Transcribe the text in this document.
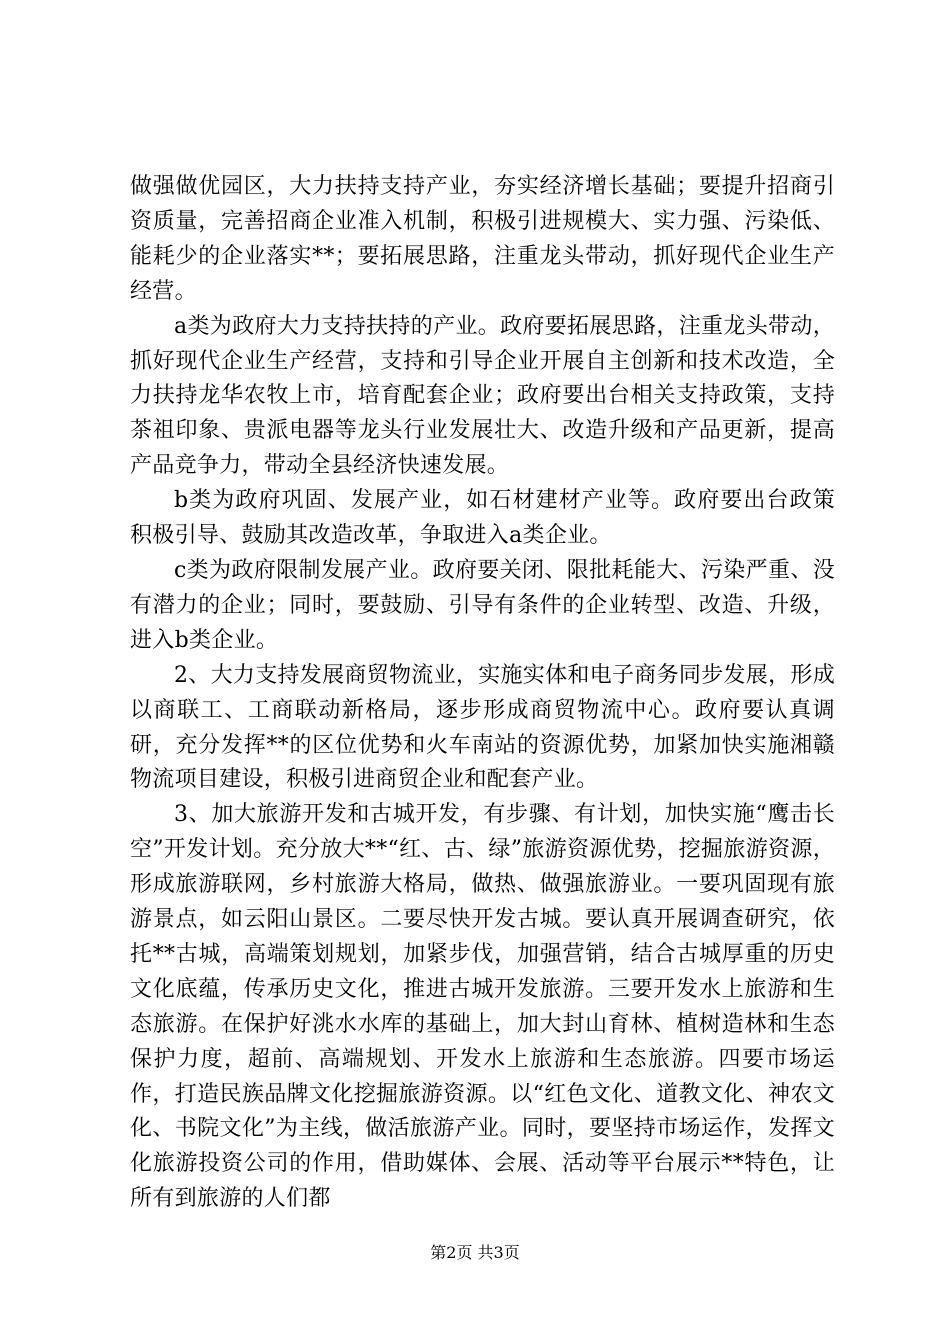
做强做优园区，大力扶持支持产业，夯实经济增长基础；要提升招商引资质量，完善招商企业准入机制，积极引进规模大、实力强、污染低、能耗少的企业落实**；要拓展思路，注重龙头带动，抓好现代企业生产经营。

a类为政府大力支持扶持的产业。政府要拓展思路，注重龙头带动，抓好现代企业生产经营，支持和引导企业开展自主创新和技术改造，全力扶持龙华农牧上市，培育配套企业；政府要出台相关支持政策，支持茶祖印象、贵派电器等龙头行业发展壮大、改造升级和产品更新，提高产品竞争力，带动全县经济快速发展。

b类为政府巩固、发展产业，如石材建材产业等。政府要出台政策积极引导、鼓励其改造改革，争取进入a类企业。

c类为政府限制发展产业。政府要关闭、限批耗能大、污染严重、没有潜力的企业；同时，要鼓励、引导有条件的企业转型、改造、升级，进入b类企业。

2、大力支持发展商贸物流业，实施实体和电子商务同步发展，形成以商联工、工商联动新格局，逐步形成商贸物流中心。政府要认真调研，充分发挥**的区位优势和火车南站的资源优势，加紧加快实施湘赣物流项目建设，积极引进商贸企业和配套产业。

3、加大旅游开发和古城开发，有步骤、有计划，加快实施“鹰击长空”开发计划。充分放大**“红、古、绿”旅游资源优势，挖掘旅游资源，形成旅游联网，乡村旅游大格局，做热、做强旅游业。一要巩固现有旅游景点，如云阳山景区。二要尽快开发古城。要认真开展调查研究，依托**古城，高端策划规划，加紧步伐，加强营销，结合古城厚重的历史文化底蕴，传承历史文化，推进古城开发旅游。三要开发水上旅游和生态旅游。在保护好洮水水库的基础上，加大封山育林、植树造林和生态保护力度，超前、高端规划、开发水上旅游和生态旅游。四要市场运作，打造民族品牌文化挖掘旅游资源。以“红色文化、道教文化、神农文化、书院文化”为主线，做活旅游产业。同时，要坚持市场运作，发挥文化旅游投资公司的作用，借助媒体、会展、活动等平台展示**特色，让所有到旅游的人们都

第2页 共3页
